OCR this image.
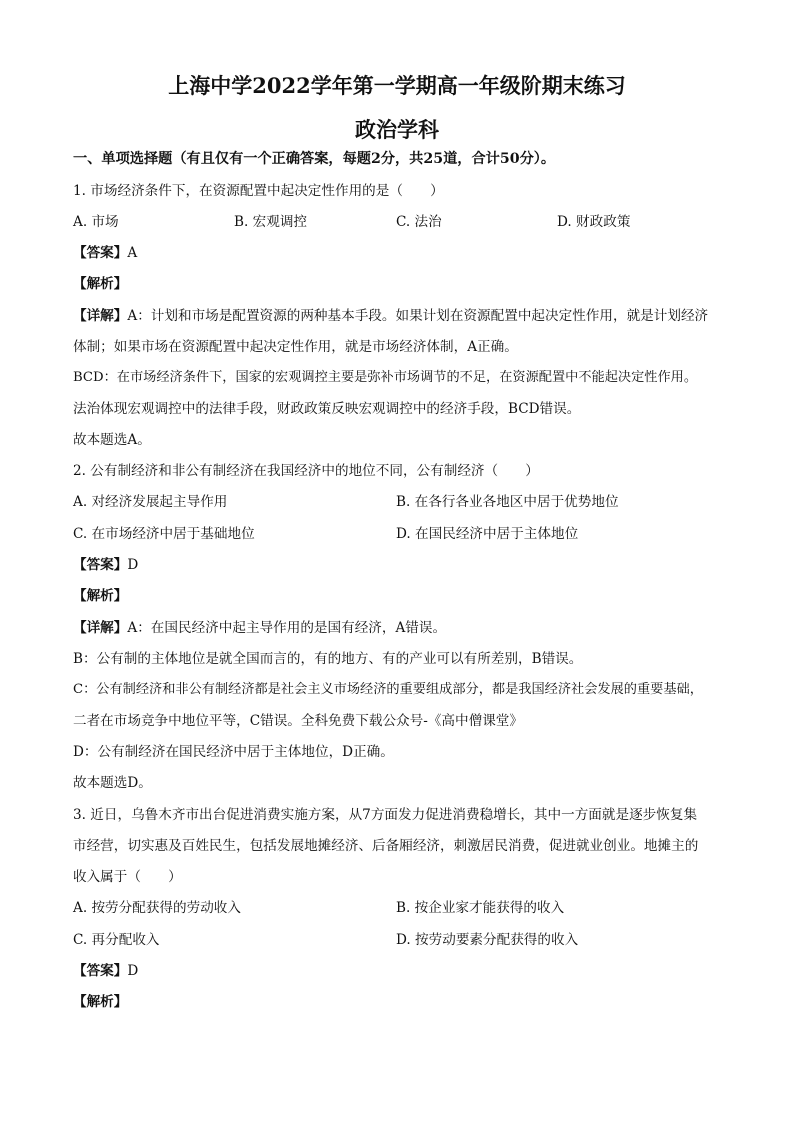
上海中学2022学年第一学期高一年级阶期末练习
政治学科
一、单项选择题（有且仅有一个正确答案，每题2分，共25道，合计50分）。
1. 市场经济条件下，在资源配置中起决定性作用的是（　　）
A. 市场	B. 宏观调控	C. 法治	D. 财政政策
【答案】A
【解析】
【详解】A：计划和市场是配置资源的两种基本手段。如果计划在资源配置中起决定性作用，就是计划经济
体制；如果市场在资源配置中起决定性作用，就是市场经济体制，A正确。
BCD：在市场经济条件下，国家的宏观调控主要是弥补市场调节的不足，在资源配置中不能起决定性作用。
法治体现宏观调控中的法律手段，财政政策反映宏观调控中的经济手段，BCD错误。
故本题选A。
2. 公有制经济和非公有制经济在我国经济中的地位不同，公有制经济（　　）
A. 对经济发展起主导作用	B. 在各行各业各地区中居于优势地位
C. 在市场经济中居于基础地位	D. 在国民经济中居于主体地位
【答案】D
【解析】
【详解】A：在国民经济中起主导作用的是国有经济，A错误。
B：公有制的主体地位是就全国而言的，有的地方、有的产业可以有所差别，B错误。
C：公有制经济和非公有制经济都是社会主义市场经济的重要组成部分，都是我国经济社会发展的重要基础，
二者在市场竞争中地位平等，C错误。全科免费下载公众号-《高中僧课堂》
D：公有制经济在国民经济中居于主体地位，D正确。
故本题选D。
3. 近日，乌鲁木齐市出台促进消费实施方案，从7方面发力促进消费稳增长，其中一方面就是逐步恢复集
市经营，切实惠及百姓民生，包括发展地摊经济、后备厢经济，刺激居民消费，促进就业创业。地摊主的
收入属于（　　）
A. 按劳分配获得的劳动收入	B. 按企业家才能获得的收入
C. 再分配收入	D. 按劳动要素分配获得的收入
【答案】D
【解析】
